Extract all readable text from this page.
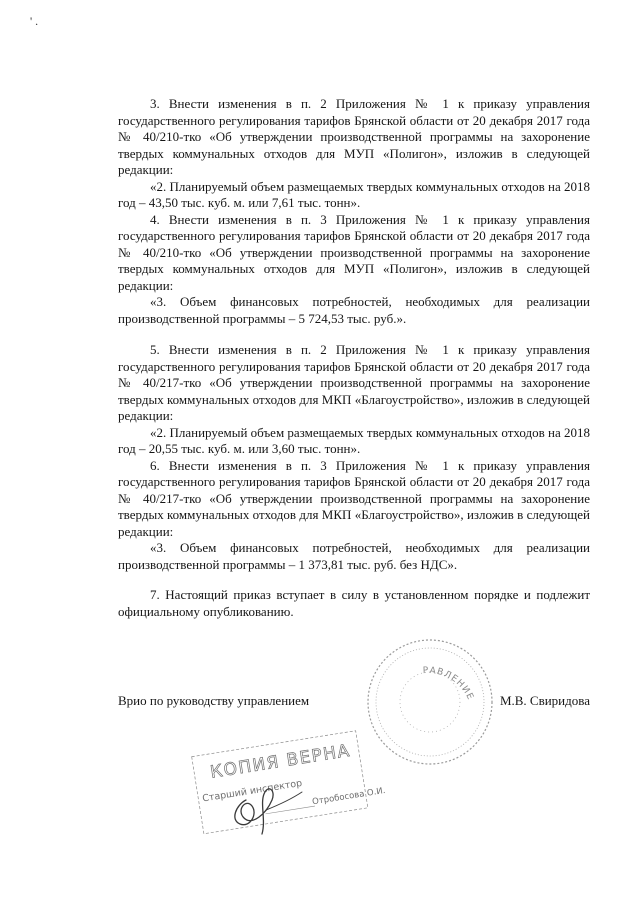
' .

3. Внести изменения в п. 2 Приложения № 1 к приказу управления государственного регулирования тарифов Брянской области от 20 декабря 2017 года № 40/210-тко «Об утверждении производственной программы на захоронение твердых коммунальных отходов для МУП «Полигон», изложив в следующей редакции:

«2. Планируемый объем размещаемых твердых коммунальных отходов на 2018 год – 43,50 тыс. куб. м. или 7,61 тыс. тонн».

4. Внести изменения в п. 3 Приложения № 1 к приказу управления государственного регулирования тарифов Брянской области от 20 декабря 2017 года № 40/210-тко «Об утверждении производственной программы на захоронение твердых коммунальных отходов для МУП «Полигон», изложив в следующей редакции:

«3. Объем финансовых потребностей, необходимых для реализации производственной программы – 5 724,53 тыс. руб.».

5. Внести изменения в п. 2 Приложения № 1 к приказу управления государственного регулирования тарифов Брянской области от 20 декабря 2017 года № 40/217-тко «Об утверждении производственной программы на захоронение твердых коммунальных отходов для МКП «Благоустройство», изложив в следующей редакции:

«2. Планируемый объем размещаемых твердых коммунальных отходов на 2018 год – 20,55 тыс. куб. м. или 3,60 тыс. тонн».

6. Внести изменения в п. 3 Приложения № 1 к приказу управления государственного регулирования тарифов Брянской области от 20 декабря 2017 года № 40/217-тко «Об утверждении производственной программы на захоронение твердых коммунальных отходов для МКП «Благоустройство», изложив в следующей редакции:

«3. Объем финансовых потребностей, необходимых для реализации производственной программы – 1 373,81 тыс. руб. без НДС».

7. Настоящий приказ вступает в силу в установленном порядке и подлежит официальному опубликованию.

РАВЛЕНИЕ
Врио по руководству управлением	М.В. Свиридова
КОПИЯ ВЕРНА
Старший инспектор Отробосова О.И.
